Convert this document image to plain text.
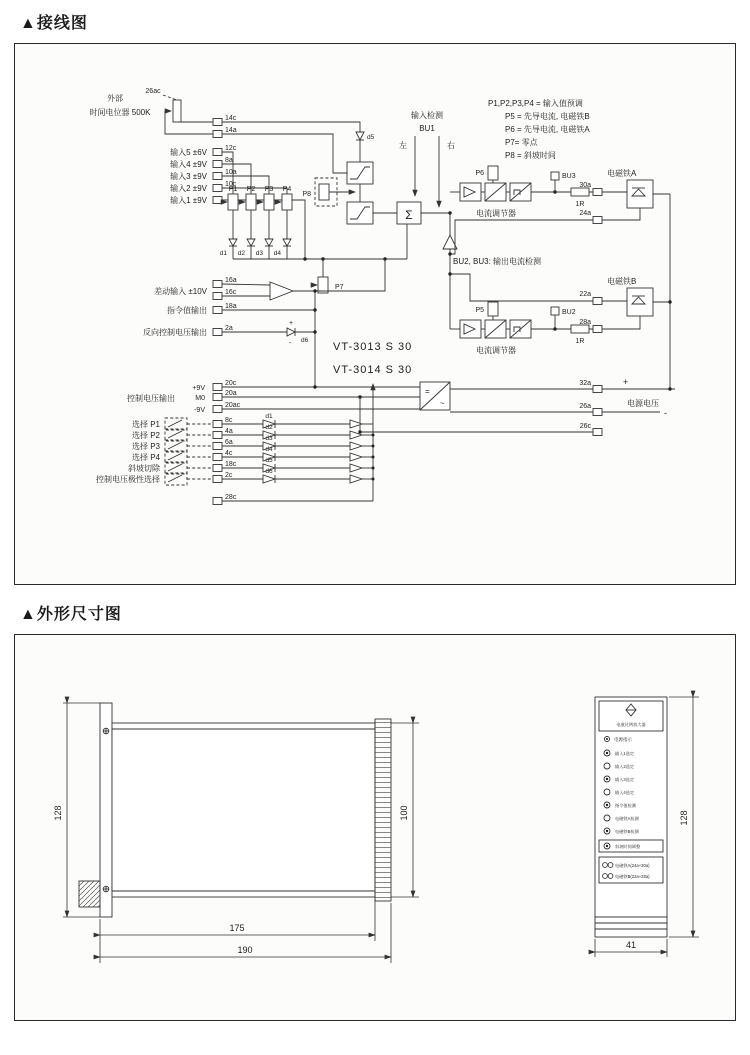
▲接线图
外部
时间电位器 500K
26ac
14c
14a
12c
8a
10a
10c
输入5 ±6V
输入4 ±9V
输入3 ±9V
输入2 ±9V
输入1 ±9V
P1 P2 P3 P4
d1 d2 d3 d4
P7
d5
P8
Σ
输入检测
BU1
左	右
P1,P2,P3,P4 = 输入值预调
P5 = 先导电流, 电磁铁B
P6 = 先导电流, 电磁铁A
P7= 零点
P8 = 斜坡时间
差动输入 ±10V
16a
16c
指令值输出	18a
反向控制电压输出	2a
+
- d6
VT-3013 S 30
VT-3014 S 30
控制电压输出
+9V
M0
-9V
20c
20a
20ac
=
~
32a
26a
+
-
电源电压
26c
选择 P1	8c
d1
选择 P2	4a
d2
选择 P3	6a
d3
选择 P4	4c
d4
斜坡切除	18c
d5
控制电压极性选择	2c
d6
28c
P6	BU3
1R
电流调节器
30a
电磁铁A
24a
BU2, BU3: 输出电流检测
P5	BU2
1R
电流调节器
电磁铁B
22a
28a
▲外形尺寸图
128	100
175
190
电液比例放大器
电源指示
输入1选定
输入2选定
输入3选定
输入4选定
指令值检测
电磁铁A检测
电磁铁B检测
斜坡时间调整
电磁铁A(24a+30a)
电磁铁B(22a+28a)
128
41
